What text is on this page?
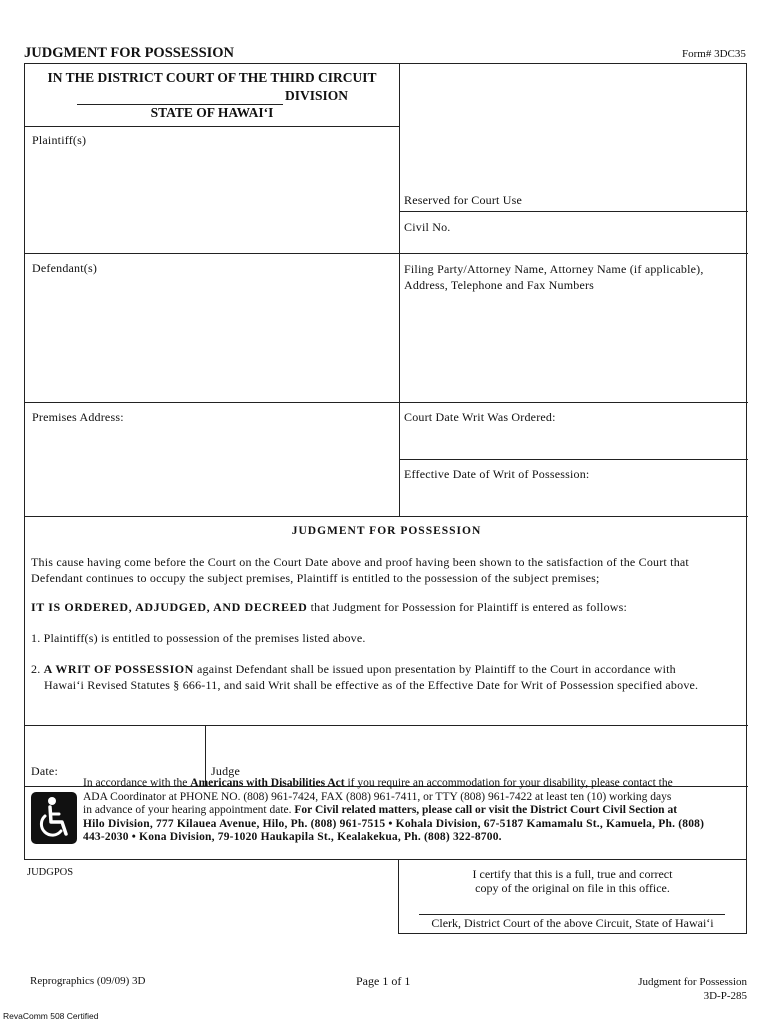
JUDGMENT FOR POSSESSION	Form# 3DC35
IN THE DISTRICT COURT OF THE THIRD CIRCUIT
DIVISION
STATE OF HAWAI‘I
Plaintiff(s)
Defendant(s)
Premises Address:
Reserved for Court Use
Civil No.
Filing Party/Attorney Name, Attorney Name (if applicable),
Address, Telephone and Fax Numbers
Court Date Writ Was Ordered:
Effective Date of Writ of Possession:
JUDGMENT FOR POSSESSION
This cause having come before the Court on the Court Date above and proof having been shown to the satisfaction of the Court that
Defendant continues to occupy the subject premises, Plaintiff is entitled to the possession of the subject premises;
IT IS ORDERED, ADJUDGED, AND DECREED that Judgment for Possession for Plaintiff is entered as follows:
1. Plaintiff(s) is entitled to possession of the premises listed above.
2. A WRIT OF POSSESSION against Defendant shall be issued upon presentation by Plaintiff to the Court in accordance with
Hawai‘i Revised Statutes § 666-11, and said Writ shall be effective as of the Effective Date for Writ of Possession specified above.
Date:	Judge
In accordance with the Americans with Disabilities Act if you require an accommodation for your disability, please contact the
ADA Coordinator at PHONE NO. (808) 961-7424, FAX (808) 961-7411, or TTY (808) 961-7422 at least ten (10) working days
in advance of your hearing appointment date. For Civil related matters, please call or visit the District Court Civil Section at
Hilo Division, 777 Kilauea Avenue, Hilo, Ph. (808) 961-7515 • Kohala Division, 67-5187 Kamamalu St., Kamuela, Ph. (808)
443-2030 • Kona Division, 79-1020 Haukapila St., Kealakekua, Ph. (808) 322-8700.
JUDGPOS	I certify that this is a full, true and correct
copy of the original on file in this office.
Clerk, District Court of the above Circuit, State of Hawai‘i
Reprographics (09/09) 3D	Page 1 of 1	Judgment for Possession
3D-P-285
RevaComm 508 Certified
